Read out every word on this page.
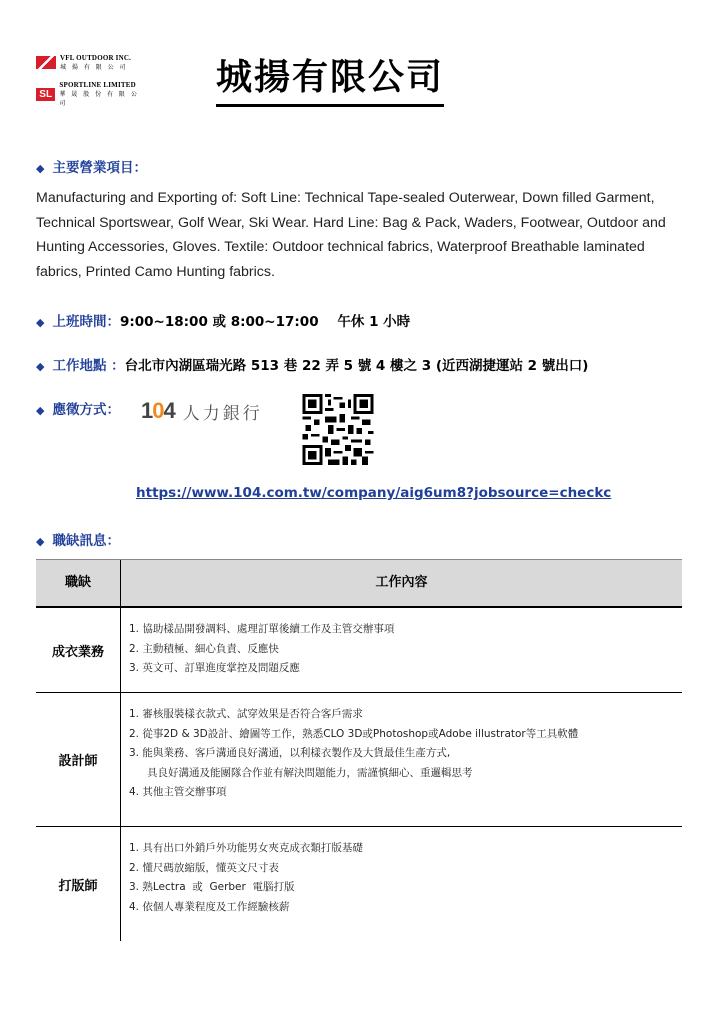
VFL OUTDOOR INC.
城 揚 有 限 公 司
SL
SPORTLINE LIMITED
華 晟 股 份 有 限 公 司
城揚有限公司
◆ 主要營業項目：
Manufacturing and Exporting of: Soft Line: Technical Tape-sealed Outerwear, Down filled Garment, Technical Sportswear, Golf Wear, Ski Wear. Hard Line: Bag & Pack, Waders, Footwear, Outdoor and Hunting Accessories, Gloves. Textile: Outdoor technical fabrics, Waterproof Breathable laminated fabrics, Printed Camo Hunting fabrics.
◆ 上班時間：9:00~18:00 或 8:00~17:00    午休 1 小時
◆ 工作地點 ：台北市內湖區瑞光路 513 巷 22 弄 5 號 4 樓之 3 (近西湖捷運站 2 號出口)
◆ 應徵方式： 104 人力銀行
https://www.104.com.tw/company/aig6um8?jobsource=checkc
◆ 職缺訊息：
職缺	工作內容
成衣業務
1. 協助樣品開發調料、處理訂單後續工作及主管交辦事項
2. 主動積極、細心負責、反應快
3. 英文可、訂單進度掌控及問題反應
設計師
1. 審核服裝樣衣款式、試穿效果是否符合客戶需求
2. 從事2D & 3D設計、繪圖等工作，熟悉CLO 3D或Photoshop或Adobe illustrator等工具軟體
3. 能與業務、客戶溝通良好溝通，以利樣衣製作及大貨最佳生產方式,
具良好溝通及能團隊合作並有解決問題能力，需謹慎細心、重邏輯思考
4. 其他主管交辦事項
打版師
1. 具有出口外銷戶外功能男女夾克成衣類打版基礎
2. 懂尺碼放縮版，懂英文尺寸表
3. 熟Lectra  或  Gerber  電腦打版
4. 依個人專業程度及工作經驗核薪
